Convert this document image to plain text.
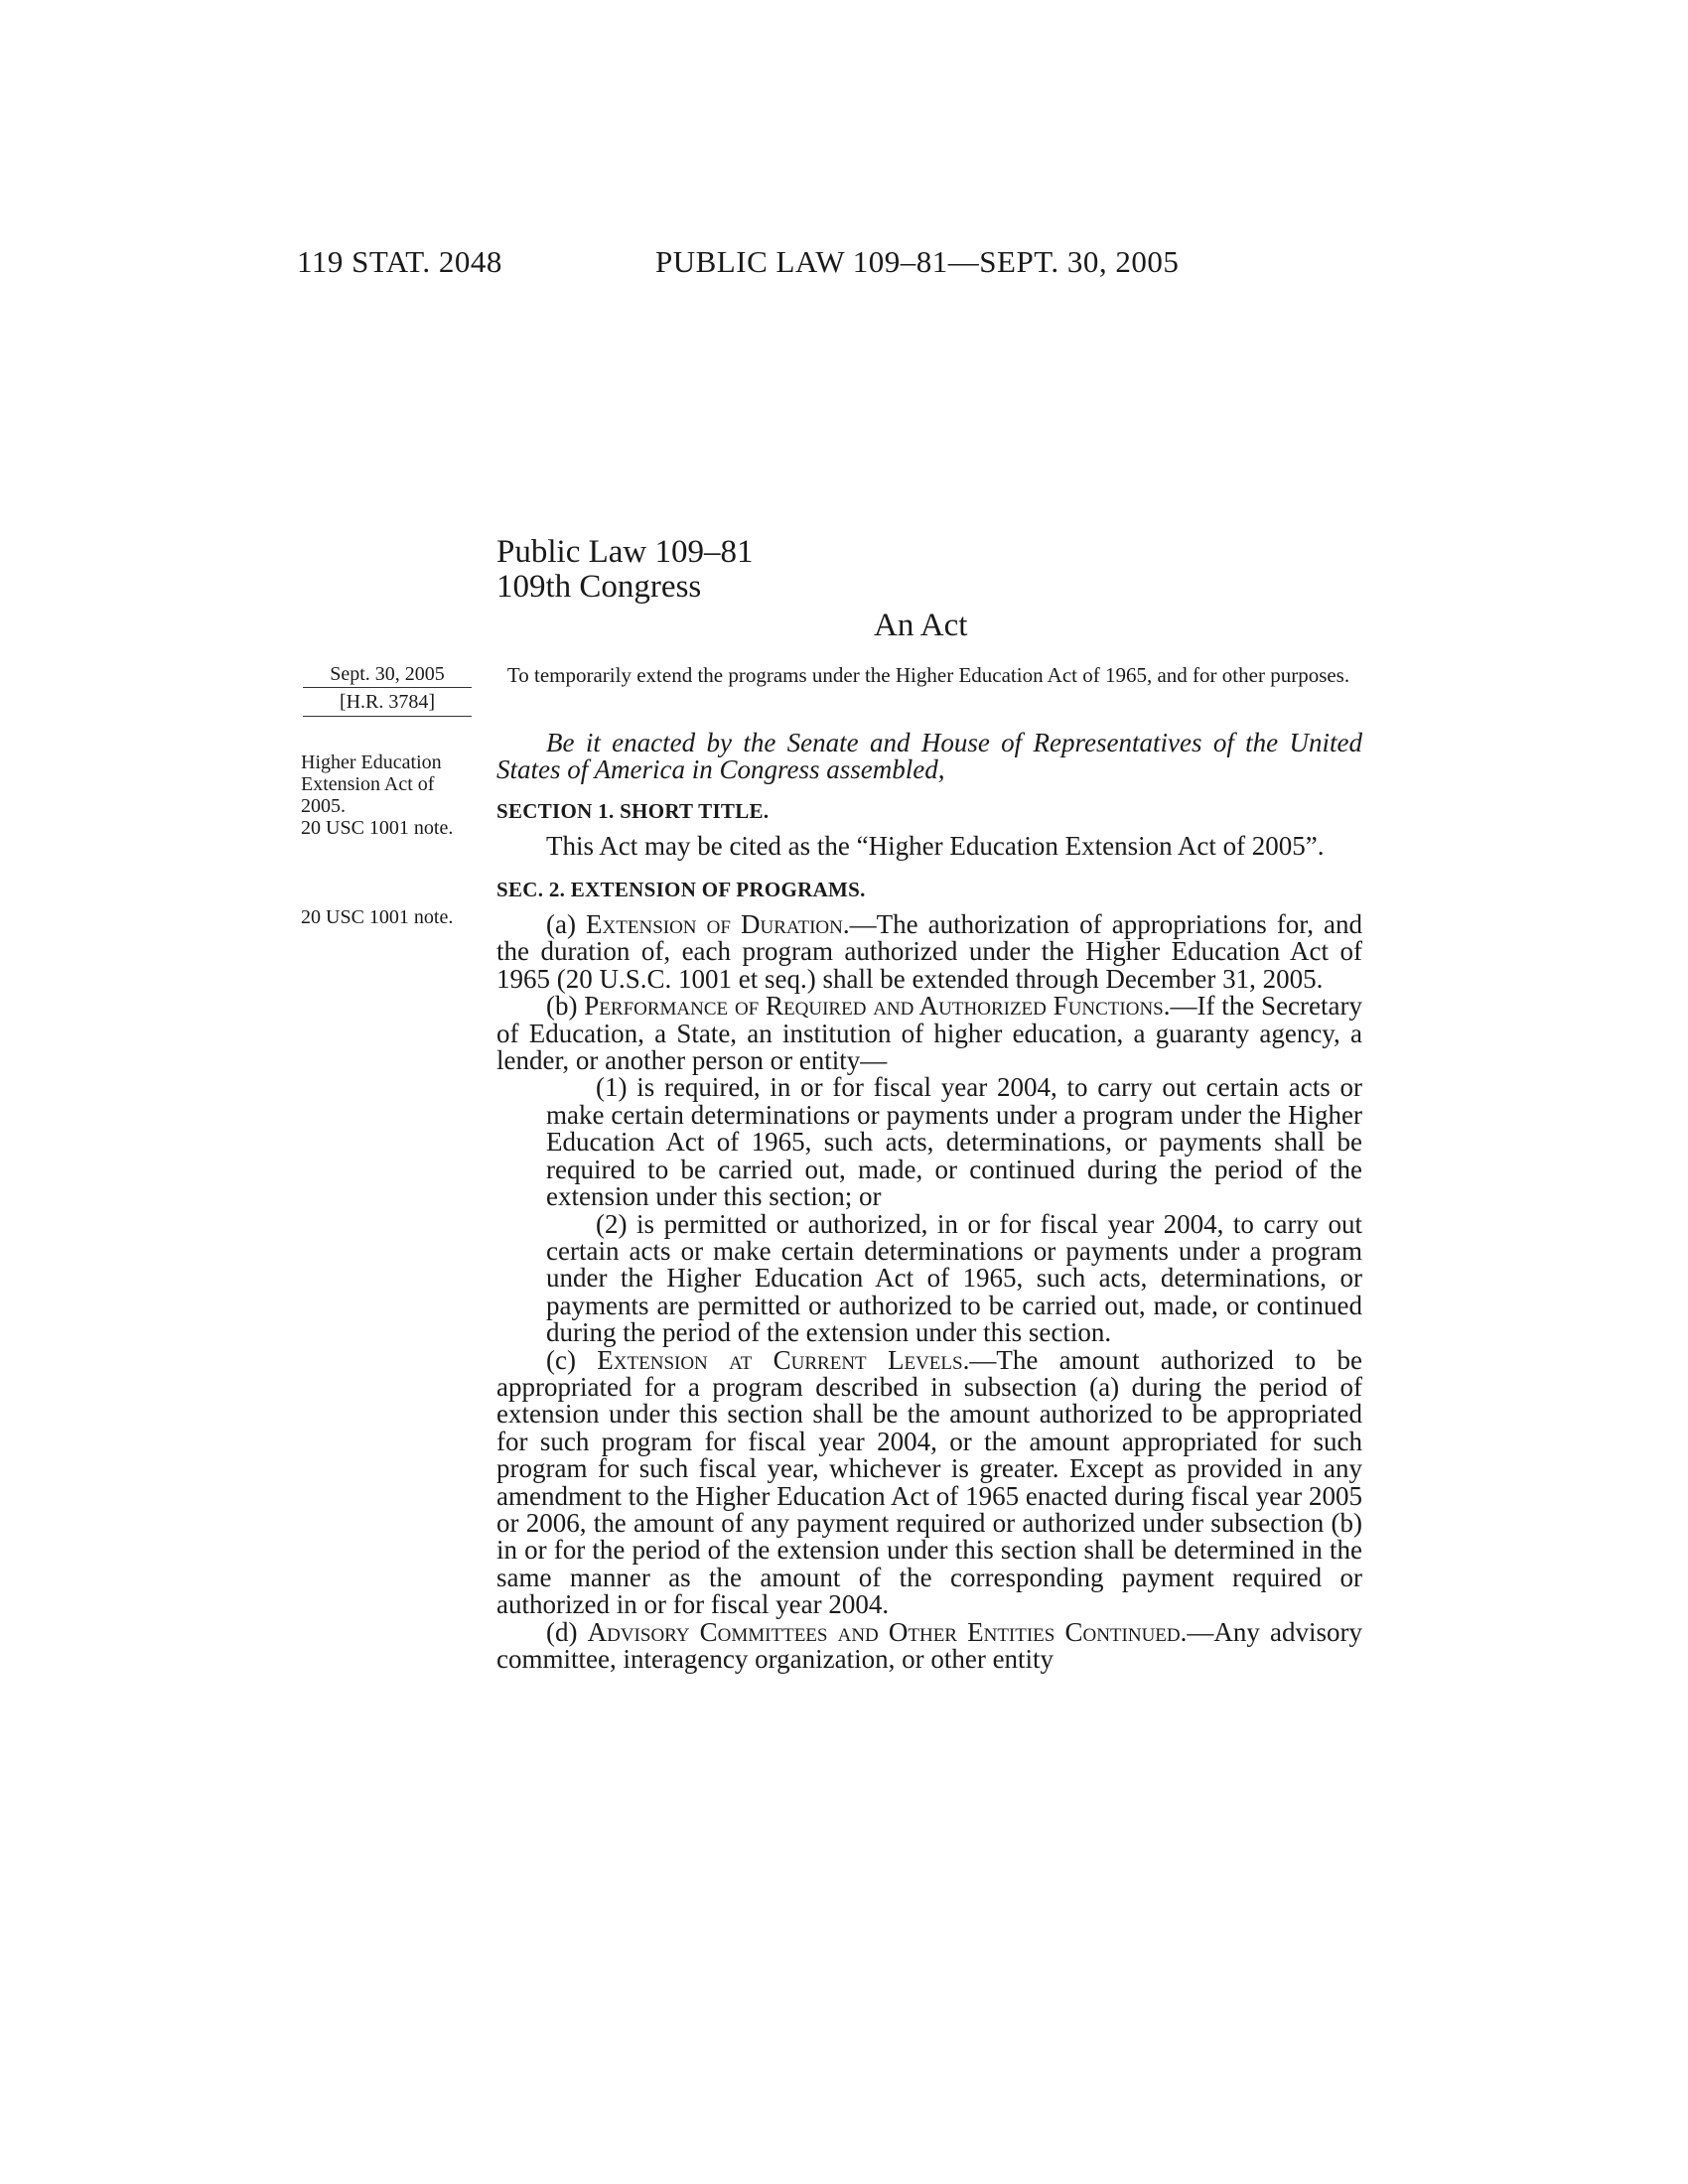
119 STAT. 2048	PUBLIC LAW 109–81—SEPT. 30, 2005
Public Law 109–81
109th Congress
An Act
Sept. 30, 2005
[H.R. 3784]
Higher Education Extension Act of 2005.
20 USC 1001 note.
20 USC 1001 note.
To temporarily extend the programs under the Higher Education Act of 1965, and for other purposes.

Be it enacted by the Senate and House of Representatives of the United States of America in Congress assembled,

SECTION 1. SHORT TITLE.

This Act may be cited as the “Higher Education Extension Act of 2005”.

SEC. 2. EXTENSION OF PROGRAMS.

(a) Extension of Duration.—The authorization of appropriations for, and the duration of, each program authorized under the Higher Education Act of 1965 (20 U.S.C. 1001 et seq.) shall be extended through December 31, 2005.

(b) Performance of Required and Authorized Functions.—If the Secretary of Education, a State, an institution of higher education, a guaranty agency, a lender, or another person or entity—

(1) is required, in or for fiscal year 2004, to carry out certain acts or make certain determinations or payments under a program under the Higher Education Act of 1965, such acts, determinations, or payments shall be required to be carried out, made, or continued during the period of the extension under this section; or

(2) is permitted or authorized, in or for fiscal year 2004, to carry out certain acts or make certain determinations or payments under a program under the Higher Education Act of 1965, such acts, determinations, or payments are permitted or authorized to be carried out, made, or continued during the period of the extension under this section.

(c) Extension at Current Levels.—The amount authorized to be appropriated for a program described in subsection (a) during the period of extension under this section shall be the amount authorized to be appropriated for such program for fiscal year 2004, or the amount appropriated for such program for such fiscal year, whichever is greater. Except as provided in any amendment to the Higher Education Act of 1965 enacted during fiscal year 2005 or 2006, the amount of any payment required or authorized under subsection (b) in or for the period of the extension under this section shall be determined in the same manner as the amount of the corresponding payment required or authorized in or for fiscal year 2004.

(d) Advisory Committees and Other Entities Continued.—Any advisory committee, interagency organization, or other entity
